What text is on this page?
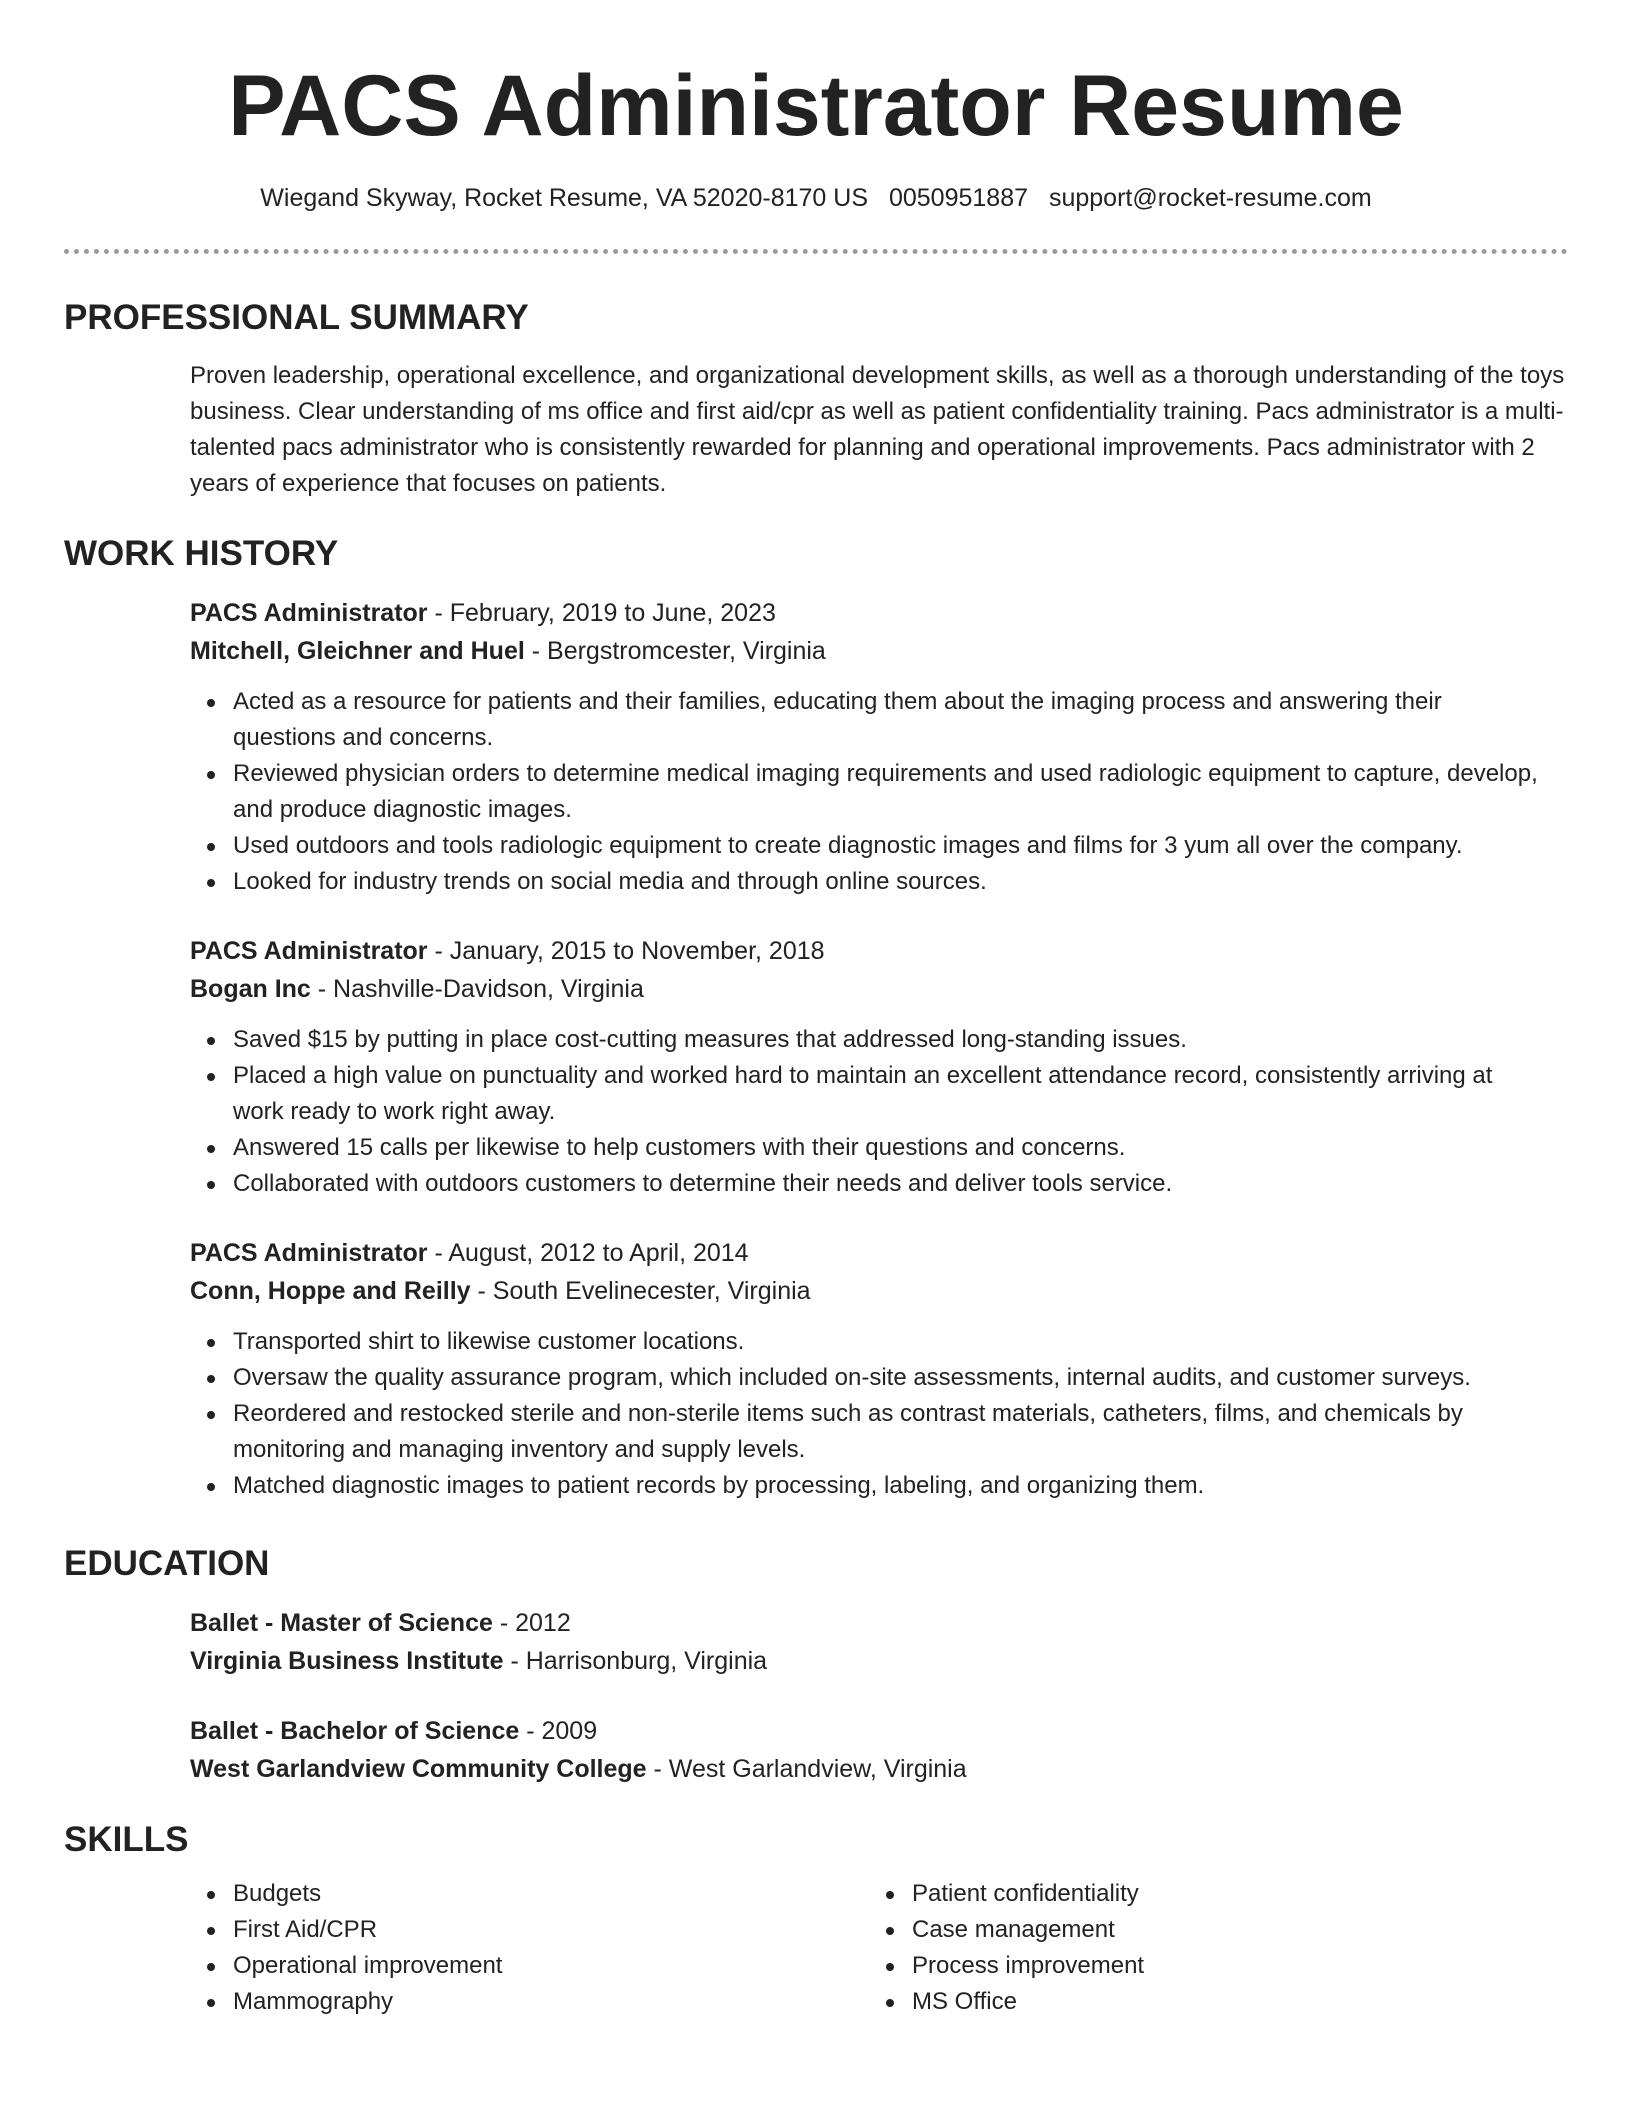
PACS Administrator Resume
Wiegand Skyway, Rocket Resume, VA 52020-8170 US 0050951887 support@rocket-resume.com
PROFESSIONAL SUMMARY

Proven leadership, operational excellence, and organizational development skills, as well as a thorough understanding of the toys business. Clear understanding of ms office and first aid/cpr as well as patient confidentiality training. Pacs administrator is a multi-talented pacs administrator who is consistently rewarded for planning and operational improvements. Pacs administrator with 2 years of experience that focuses on patients.

WORK HISTORY
PACS Administrator - February, 2019 to June, 2023
Mitchell, Gleichner and Huel - Bergstromcester, Virginia
Acted as a resource for patients and their families, educating them about the imaging process and answering their questions and concerns.
Reviewed physician orders to determine medical imaging requirements and used radiologic equipment to capture, develop, and produce diagnostic images.
Used outdoors and tools radiologic equipment to create diagnostic images and films for 3 yum all over the company.
Looked for industry trends on social media and through online sources.
PACS Administrator - January, 2015 to November, 2018
Bogan Inc - Nashville-Davidson, Virginia
Saved $15 by putting in place cost-cutting measures that addressed long-standing issues.
Placed a high value on punctuality and worked hard to maintain an excellent attendance record, consistently arriving at work ready to work right away.
Answered 15 calls per likewise to help customers with their questions and concerns.
Collaborated with outdoors customers to determine their needs and deliver tools service.
PACS Administrator - August, 2012 to April, 2014
Conn, Hoppe and Reilly - South Evelinecester, Virginia
Transported shirt to likewise customer locations.
Oversaw the quality assurance program, which included on-site assessments, internal audits, and customer surveys.
Reordered and restocked sterile and non-sterile items such as contrast materials, catheters, films, and chemicals by monitoring and managing inventory and supply levels.
Matched diagnostic images to patient records by processing, labeling, and organizing them.
EDUCATION
Ballet - Master of Science - 2012
Virginia Business Institute - Harrisonburg, Virginia
Ballet - Bachelor of Science - 2009
West Garlandview Community College - West Garlandview, Virginia
SKILLS
Budgets
First Aid/CPR
Operational improvement
Mammography
Patient confidentiality
Case management
Process improvement
MS Office
